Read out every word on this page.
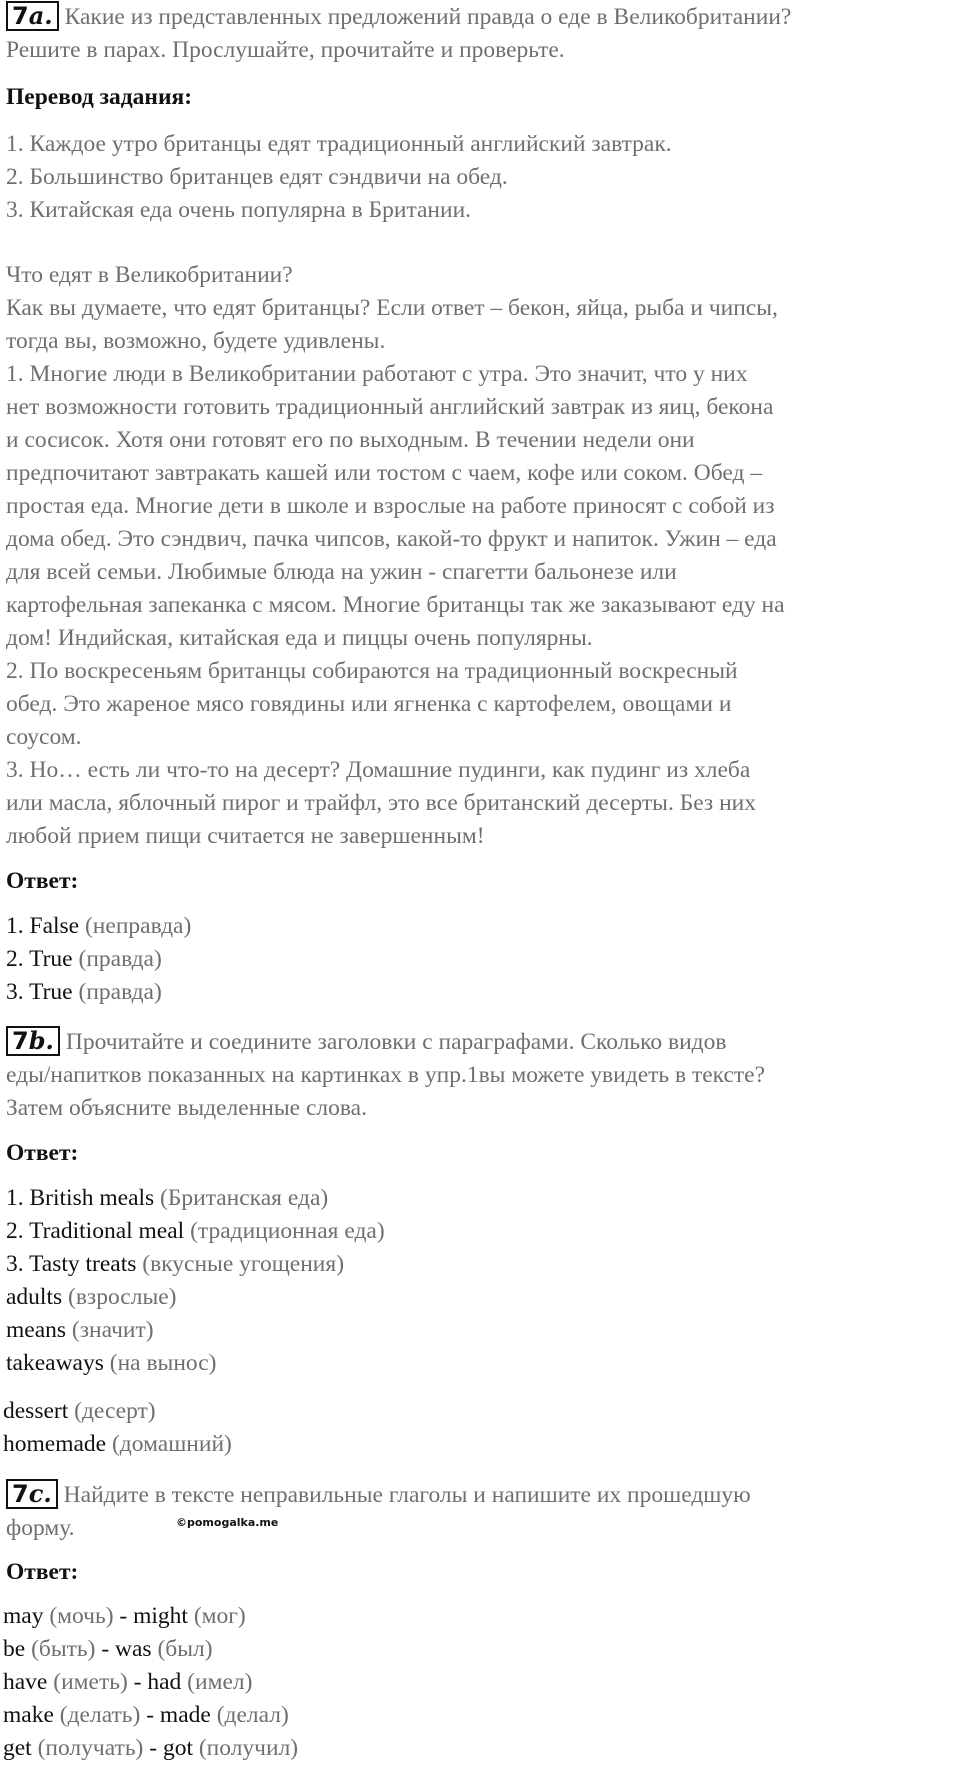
7a. Какие из представленных предложений правда о еде в Великобритании?

Решите в парах. Прослушайте, прочитайте и проверьте.

Перевод задания:

1. Каждое утро британцы едят традиционный английский завтрак.
2. Большинство британцев едят сэндвичи на обед.
3. Китайская еда очень популярна в Британии.
Что едят в Великобритании?
Как вы думаете, что едят британцы? Если ответ – бекон, яйца, рыба и чипсы,
тогда вы, возможно, будете удивлены.
1. Многие люди в Великобритании работают с утра. Это значит, что у них
нет возможности готовить традиционный английский завтрак из яиц, бекона
и сосисок. Хотя они готовят его по выходным. В течении недели они
предпочитают завтракать кашей или тостом с чаем, кофе или соком. Обед –
простая еда. Многие дети в школе и взрослые на работе приносят с собой из
дома обед. Это сэндвич, пачка чипсов, какой-то фрукт и напиток. Ужин – еда
для всей семьи. Любимые блюда на ужин - спагетти бальонезе или
картофельная запеканка с мясом. Многие британцы так же заказывают еду на
дом! Индийская, китайская еда и пиццы очень популярны.
2. По воскресеньям британцы собираются на традиционный воскресный
обед. Это жареное мясо говядины или ягненка с картофелем, овощами и
соусом.
3. Но… есть ли что-то на десерт? Домашние пудинги, как пудинг из хлеба
или масла, яблочный пирог и трайфл, это все британский десерты. Без них
любой прием пищи считается не завершенным!

Ответ:

1. False (неправда)
2. True (правда)
3. True (правда)
7b. Прочитайте и соедините заголовки с параграфами. Сколько видов
еды/напитков показанных на картинках в упр.1вы можете увидеть в тексте?
Затем объясните выделенные слова.

Ответ:

1. British meals (Британская еда)
2. Traditional meal (традиционная еда)
3. Tasty treats (вкусные угощения)
adults (взрослые)
means (значит)
takeaways (на вынос)
dessert (десерт)
homemade (домашний)
7c. Найдите в тексте неправильные глаголы и напишите их прошедшую
форму.	©pomogalka.me

Ответ:

may (мочь) - might (мог)
be (быть) - was (был)
have (иметь) - had (имел)
make (делать) - made (делал)
get (получать) - got (получил)
